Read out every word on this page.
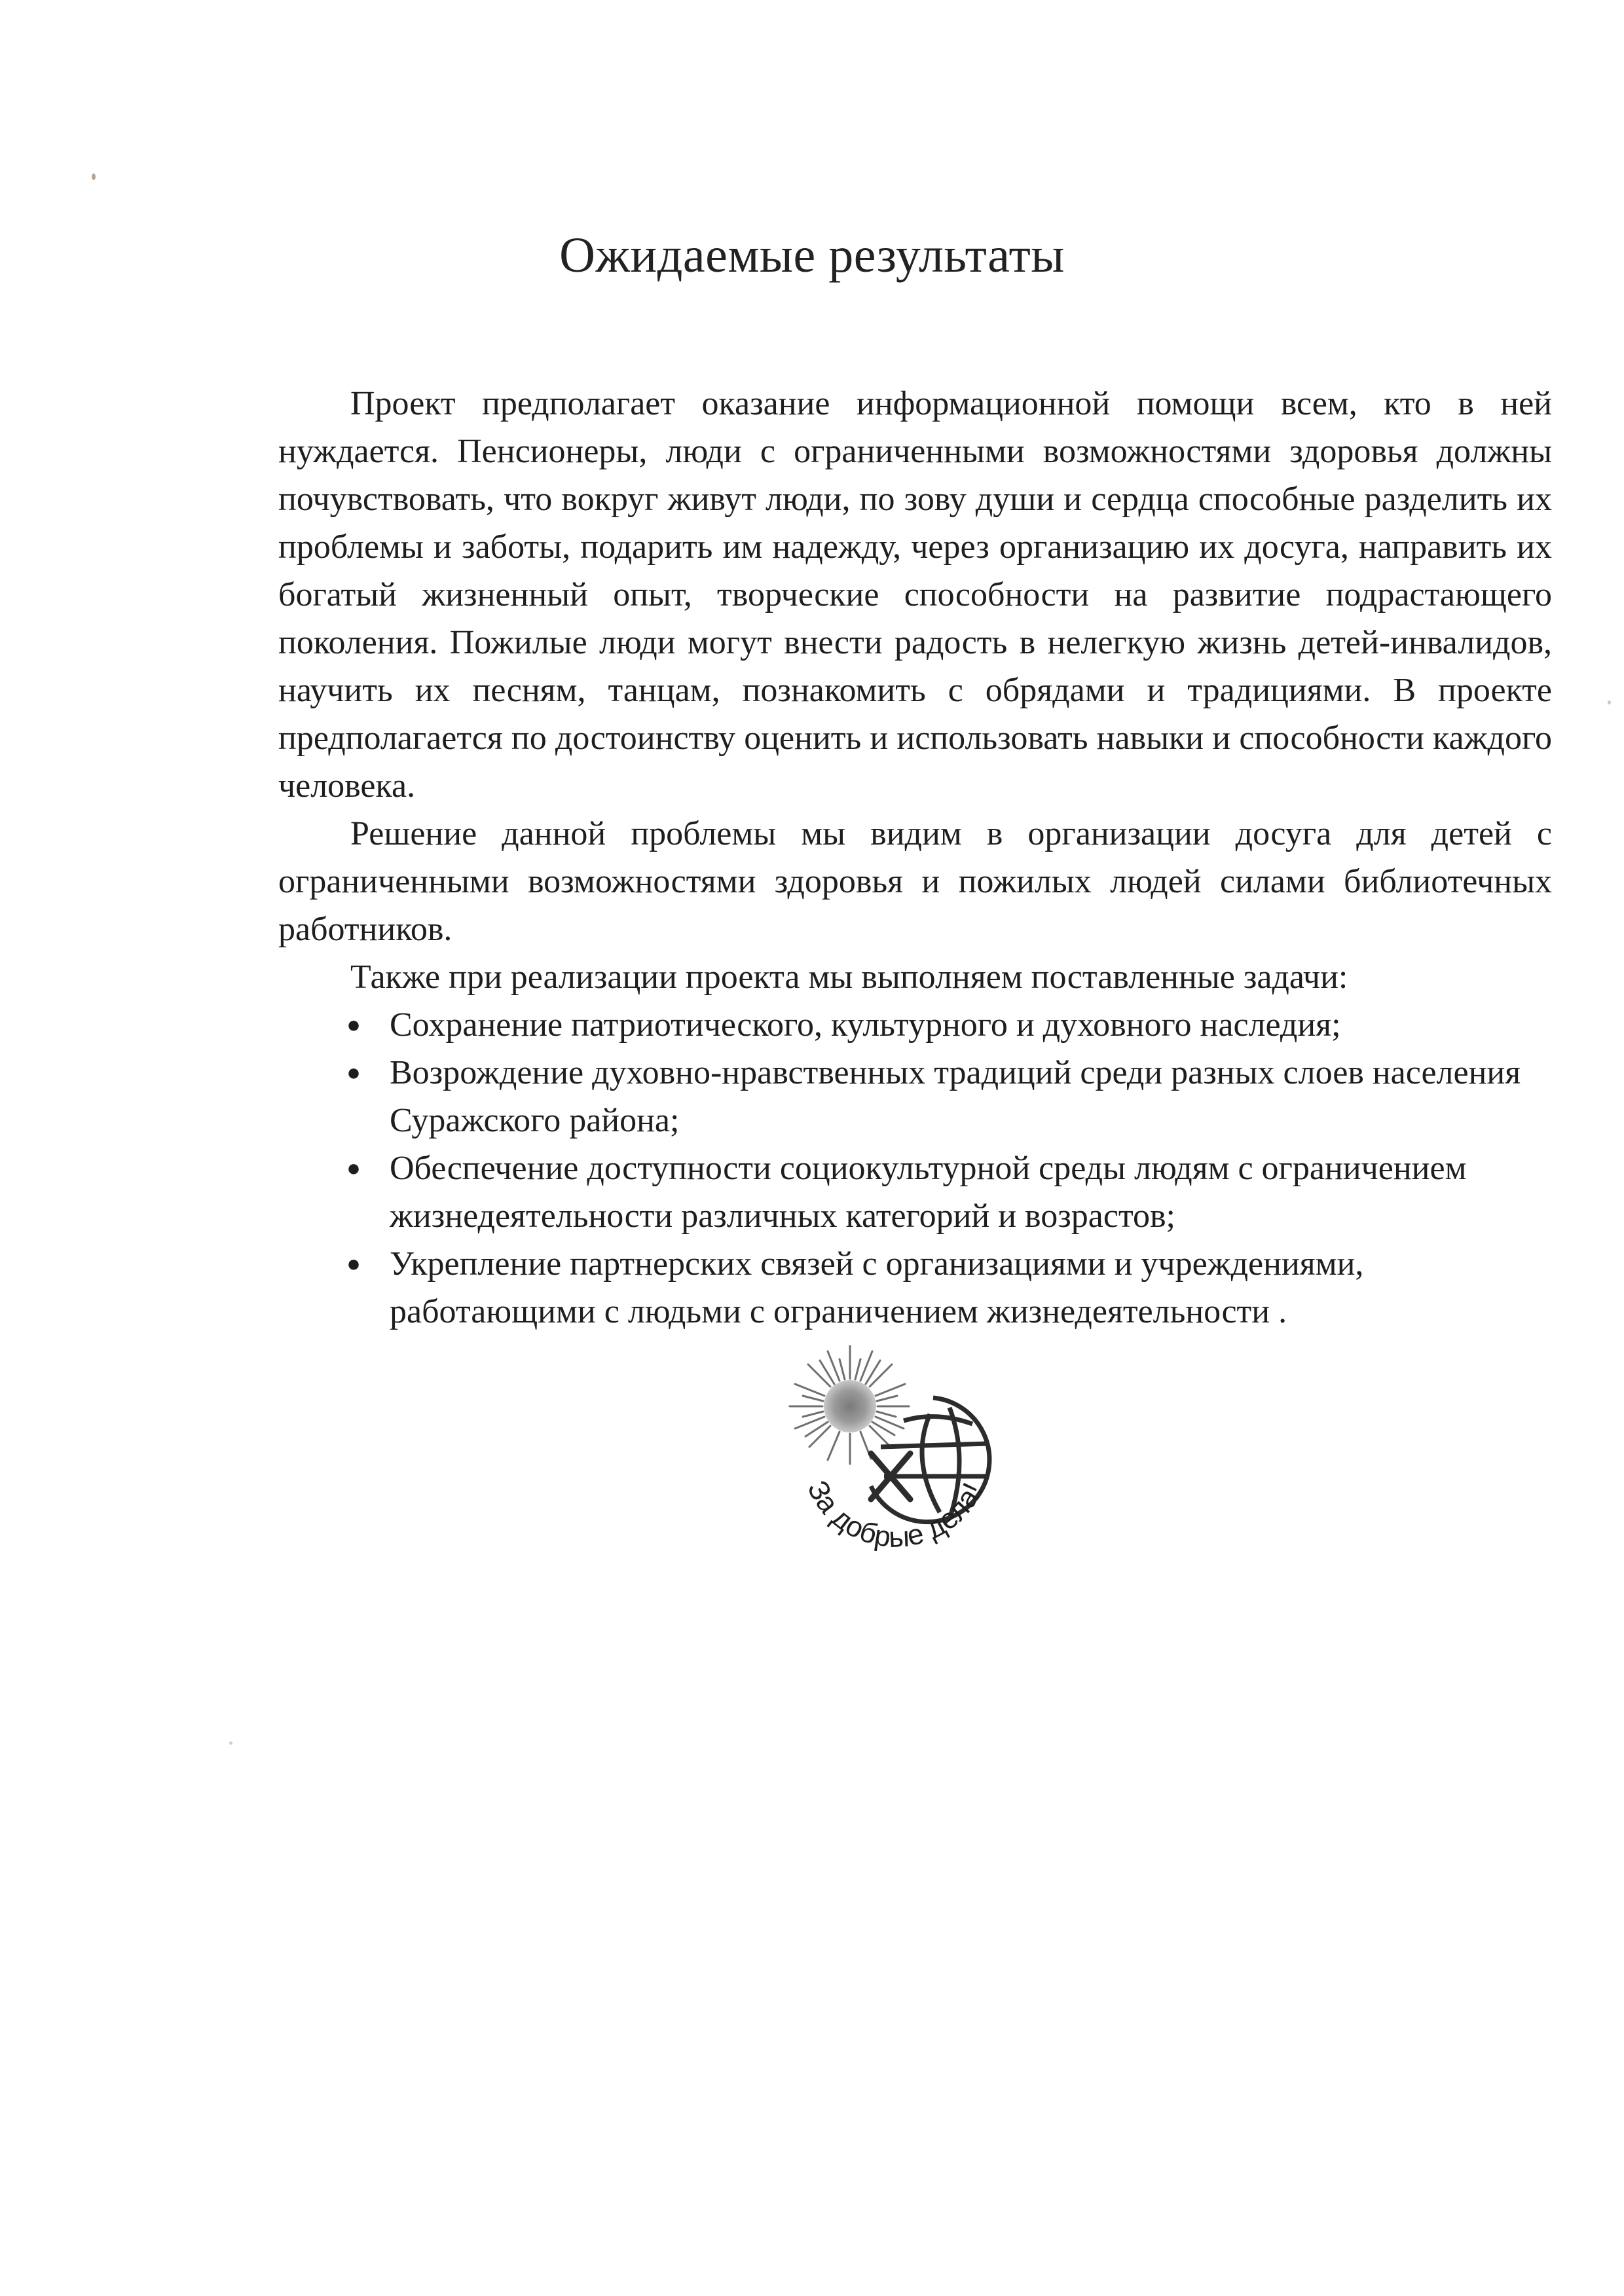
Ожидаемые результаты

Проект предполагает оказание информационной помощи всем, кто в ней нуждается. Пенсионеры, люди с ограниченными возможностями здоровья должны почувствовать, что вокруг живут люди, по зову души и сердца способные разделить их проблемы и заботы, подарить им надежду, через организацию их досуга, направить их богатый жизненный опыт, творческие способности на развитие подрастающего поколения. Пожилые люди могут внести радость в нелегкую жизнь детей-инвалидов, научить их песням, танцам, познакомить с обрядами и традициями. В проекте предполагается по достоинству оценить и использовать навыки и способности каждого человека.

Решение данной проблемы мы видим в организации досуга для детей с ограниченными возможностями здоровья и пожилых людей силами библиотечных работников.

Также при реализации проекта мы выполняем поставленные задачи:

● Сохранение патриотического, культурного и духовного наследия;
● Возрождение духовно-нравственных традиций среди разных слоев населения Суражского района;
● Обеспечение доступности социокультурной среды людям с ограничением жизнедеятельности различных категорий и возрастов;
● Укрепление партнерских связей с организациями и учреждениями, работающими с людьми с ограничением жизнедеятельности .
За добрые дела!
